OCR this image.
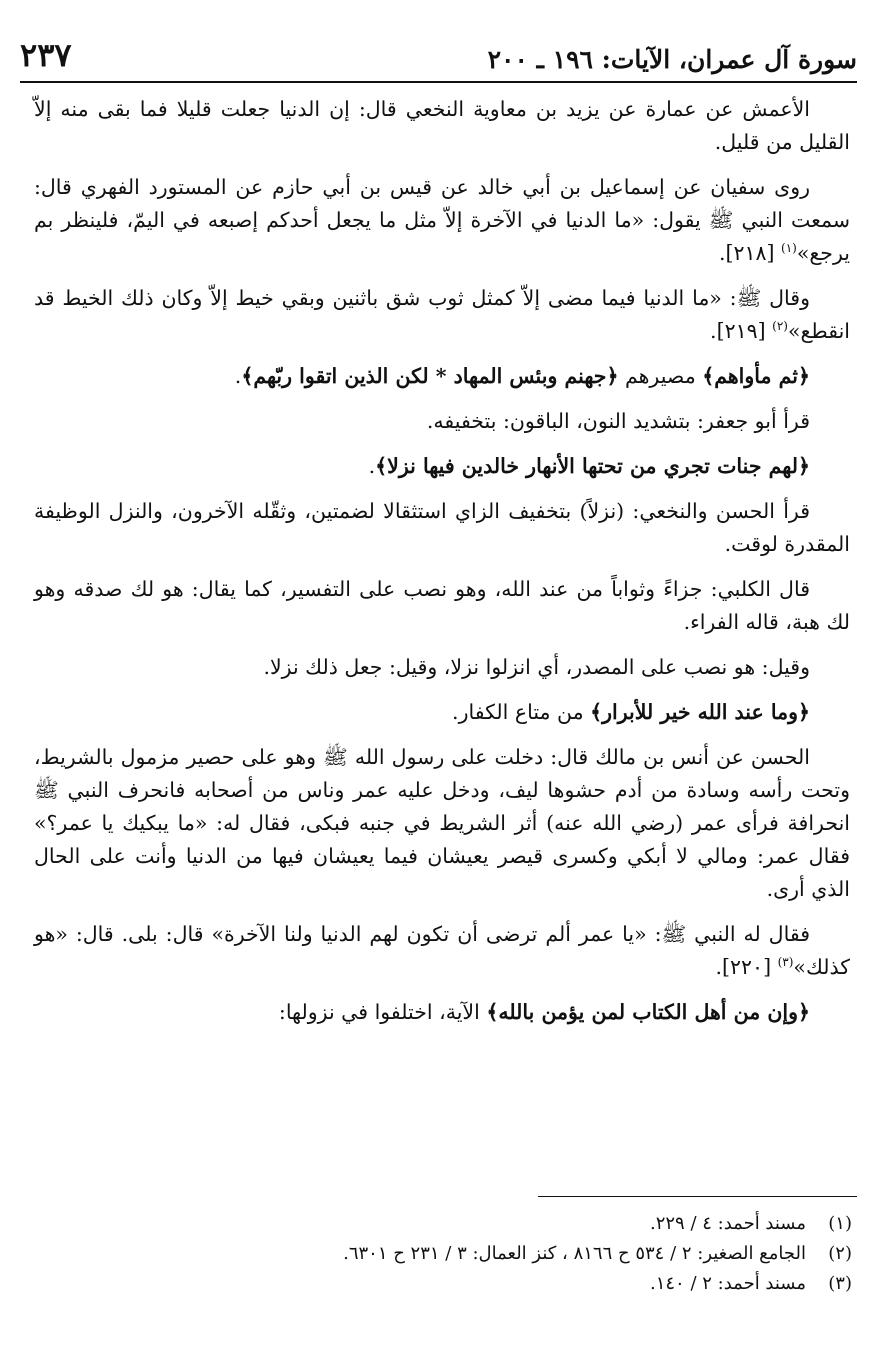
سورة آل عمران، الآيات: ١٩٦ ـ ٢٠٠
٢٣٧

الأعمش عن عمارة عن يزيد بن معاوية النخعي قال: إن الدنيا جعلت قليلا فما بقى منه إلاّ القليل من قليل.

روى سفيان عن إسماعيل بن أبي خالد عن قيس بن أبي حازم عن المستورد الفهري قال: سمعت النبي ﷺ يقول: «ما الدنيا في الآخرة إلاّ مثل ما يجعل أحدكم إصبعه في اليمّ، فلينظر بم يرجع»$^{(١)}$ [٢١٨].

وقال ﷺ: «ما الدنيا فيما مضى إلاّ كمثل ثوب شق باثنين وبقي خيط إلاّ وكان ذلك الخيط قد انقطع»$^{(٢)}$ [٢١٩].

﴿ثم مأواهم﴾ مصيرهم ﴿جهنم وبئس المهاد * لكن الذين اتقوا ربّهم﴾.

قرأ أبو جعفر: بتشديد النون، الباقون: بتخفيفه.

﴿لهم جنات تجري من تحتها الأنهار خالدين فيها نزلا﴾.

قرأ الحسن والنخعي: (نزلاً) بتخفيف الزاي استثقالا لضمتين، وثقّله الآخرون، والنزل الوظيفة المقدرة لوقت.

قال الكلبي: جزاءً وثواباً من عند الله، وهو نصب على التفسير، كما يقال: هو لك صدقه وهو لك هبة، قاله الفراء.

وقيل: هو نصب على المصدر، أي انزلوا نزلا، وقيل: جعل ذلك نزلا.

﴿وما عند الله خير للأبرار﴾ من متاع الكفار.

الحسن عن أنس بن مالك قال: دخلت على رسول الله ﷺ وهو على حصير مزمول بالشريط، وتحت رأسه وسادة من أدم حشوها ليف، ودخل عليه عمر وناس من أصحابه فانحرف النبي ﷺ انحرافة فرأى عمر (رضي الله عنه) أثر الشريط في جنبه فبكى، فقال له: «ما يبكيك يا عمر؟» فقال عمر: ومالي لا أبكي وكسرى قيصر يعيشان فيما يعيشان فيها من الدنيا وأنت على الحال الذي أرى.

فقال له النبي ﷺ: «يا عمر ألم ترضى أن تكون لهم الدنيا ولنا الآخرة» قال: بلى. قال: «هو كذلك»$^{(٣)}$ [٢٢٠].

﴿وإن من أهل الكتاب لمن يؤمن بالله﴾ الآية، اختلفوا في نزولها:

(١)
مسند أحمد: ٤ / ٢٢٩.
(٢)
الجامع الصغير: ٢ / ٥٣٤ ح ٨١٦٦ ، كنز العمال: ٣ / ٢٣١ ح ٦٣٠١.
(٣)
مسند أحمد: ٢ / ١٤٠.
